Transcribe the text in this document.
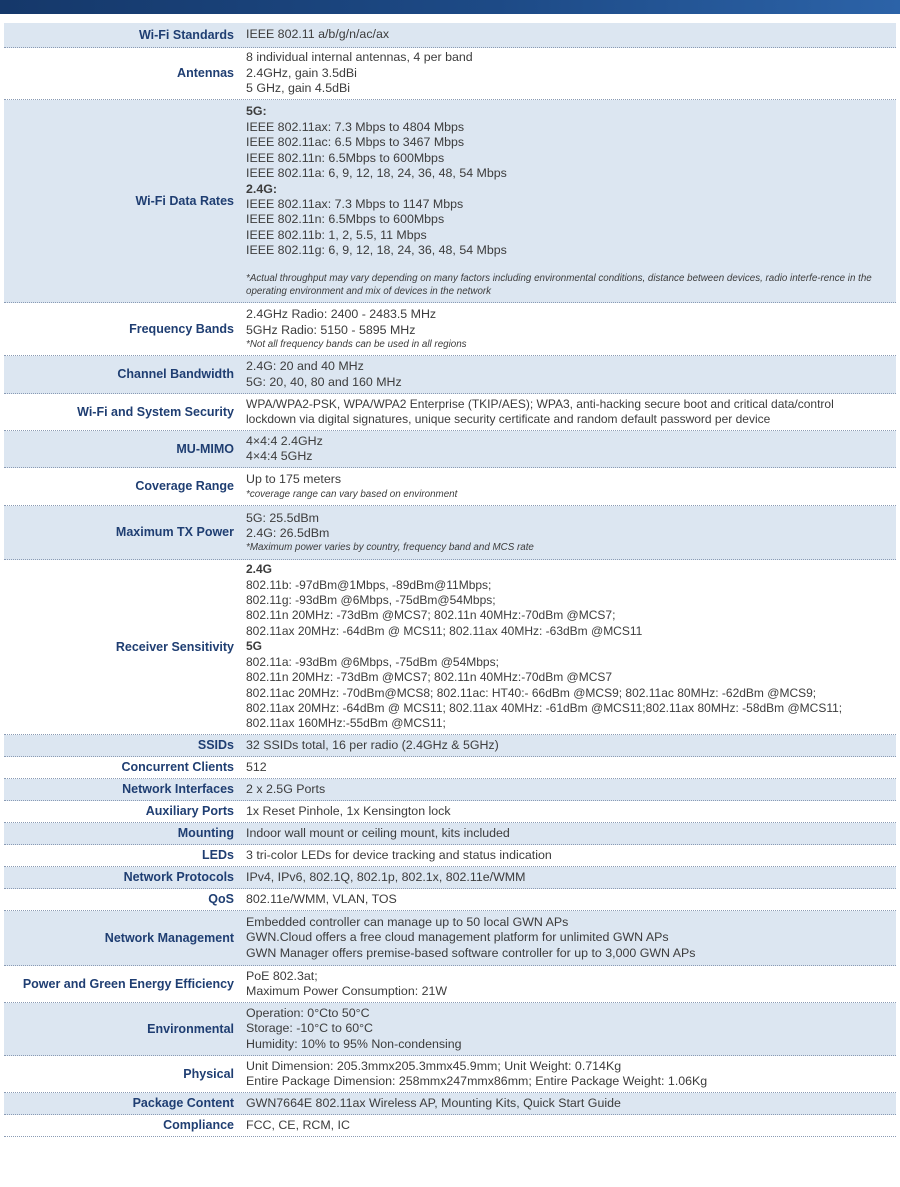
Wi-Fi Standards IEEE 802.11 a/b/g/n/ac/ax
Antennas
8 individual internal antennas, 4 per band
2.4GHz, gain 3.5dBi
5 GHz, gain 4.5dBi
Wi-Fi Data Rates
5G:
IEEE 802.11ax: 7.3 Mbps to 4804 Mbps
IEEE 802.11ac: 6.5 Mbps to 3467 Mbps
IEEE 802.11n: 6.5Mbps to 600Mbps
IEEE 802.11a: 6, 9, 12, 18, 24, 36, 48, 54 Mbps
2.4G:
IEEE 802.11ax: 7.3 Mbps to 1147 Mbps
IEEE 802.11n: 6.5Mbps to 600Mbps
IEEE 802.11b: 1, 2, 5.5, 11 Mbps
IEEE 802.11g: 6, 9, 12, 18, 24, 36, 48, 54 Mbps
*Actual throughput may vary depending on many factors including environmental conditions, distance between devices, radio interfe-rence in the operating environment and mix of devices in the network
Frequency Bands
2.4GHz Radio: 2400 - 2483.5 MHz
5GHz Radio: 5150 - 5895 MHz
*Not all frequency bands can be used in all regions
Channel Bandwidth
2.4G: 20 and 40 MHz
5G: 20, 40, 80 and 160 MHz
Wi-Fi and System Security
WPA/WPA2-PSK, WPA/WPA2 Enterprise (TKIP/AES); WPA3, anti-hacking secure boot and critical data/control
lockdown via digital signatures, unique security certificate and random default password per device
MU-MIMO
4×4:4 2.4GHz
4×4:4 5GHz
Coverage Range Up to 175 meters
*coverage range can vary based on environment
Maximum TX Power
5G: 25.5dBm
2.4G: 26.5dBm
*Maximum power varies by country, frequency band and MCS rate
Receiver Sensitivity
2.4G
802.11b: -97dBm@1Mbps, -89dBm@11Mbps;
802.11g: -93dBm @6Mbps, -75dBm@54Mbps;
802.11n 20MHz: -73dBm @MCS7; 802.11n 40MHz:-70dBm @MCS7;
802.11ax 20MHz: -64dBm @ MCS11; 802.11ax 40MHz: -63dBm @MCS11
5G
802.11a: -93dBm @6Mbps, -75dBm @54Mbps;
802.11n 20MHz: -73dBm @MCS7; 802.11n 40MHz:-70dBm @MCS7
802.11ac 20MHz: -70dBm@MCS8; 802.11ac: HT40:- 66dBm @MCS9; 802.11ac 80MHz: -62dBm @MCS9;
802.11ax 20MHz: -64dBm @ MCS11; 802.11ax 40MHz: -61dBm @MCS11;802.11ax 80MHz: -58dBm @MCS11;
802.11ax 160MHz:-55dBm @MCS11;
SSIDs 32 SSIDs total, 16 per radio (2.4GHz & 5GHz)
Concurrent Clients 512
Network Interfaces 2 x 2.5G Ports
Auxiliary Ports 1x Reset Pinhole, 1x Kensington lock
Mounting Indoor wall mount or ceiling mount, kits included
LEDs 3 tri-color LEDs for device tracking and status indication
Network Protocols IPv4, IPv6, 802.1Q, 802.1p, 802.1x, 802.11e/WMM
QoS 802.11e/WMM, VLAN, TOS
Network Management
Embedded controller can manage up to 50 local GWN APs
GWN.Cloud offers a free cloud management platform for unlimited GWN APs
GWN Manager offers premise-based software controller for up to 3,000 GWN APs
Power and Green Energy Efficiency
PoE 802.3at;
Maximum Power Consumption: 21W
Environmental
Operation: 0°Cto 50°C
Storage: -10°C to 60°C
Humidity: 10% to 95% Non-condensing
Physical
Unit Dimension: 205.3mmx205.3mmx45.9mm; Unit Weight: 0.714Kg
Entire Package Dimension: 258mmx247mmx86mm; Entire Package Weight: 1.06Kg
Package Content GWN7664E 802.11ax Wireless AP, Mounting Kits, Quick Start Guide
Compliance FCC, CE, RCM, IC
